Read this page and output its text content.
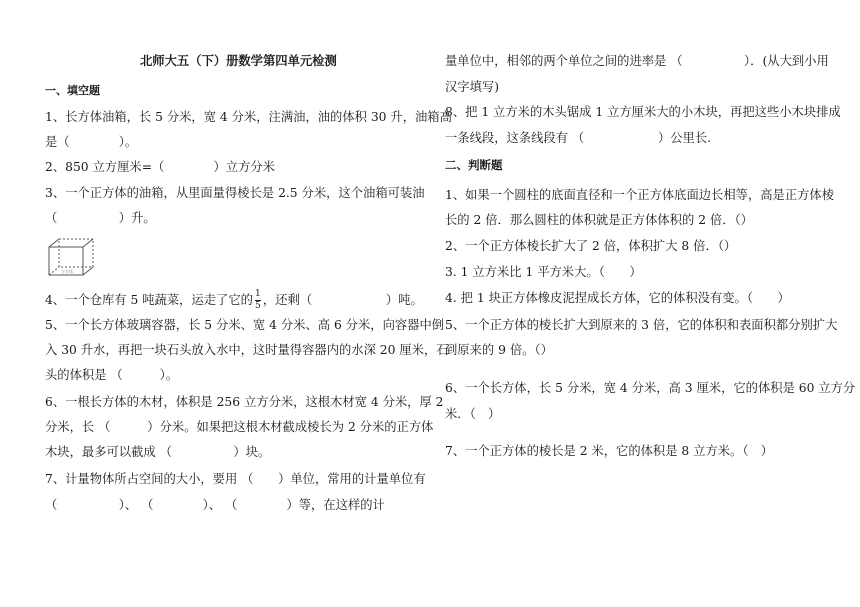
北师大五（下）册数学第四单元检测
一、填空题
1、长方体油箱，长 5 分米，宽 4 分米，注满油，油的体积 30 升，油箱高
是（　　　　）。
2、850 立方厘米=（　　　　）立方分米
3、一个正方体的油箱，从里面量得棱长是 2.5 分米，这个油箱可装油
（　　　　　）升。
立方体
4、一个仓库有 5 吨蔬菜，运走了它的 $\frac{1}{5}$ ，还剩（　　　　　　）吨。
5、一个长方体玻璃容器，长 5 分米、宽 4 分米、高 6 分米，向容器中倒
入 30 升水，再把一块石头放入水中，这时量得容器内的水深 20 厘米，石
头的体积是 （　　　）。
6、一根长方体的木材，体积是 256 立方分米，这根木材宽 4 分米，厚 2
分米，长 （　　　）分米。如果把这根木材截成棱长为 2 分米的正方体
木块，最多可以截成 （　　　　　）块。
7、计量物体所占空间的大小，要用 （　　）单位，常用的计量单位有
（　　　　　）、 （　　　　）、 （　　　　）等，在这样的计
量单位中，相邻的两个单位之间的进率是 （　　　　　）．(从大到小用
汉字填写)
8、把 1 立方米的木头锯成 1 立方厘米大的小木块，再把这些小木块排成
一条线段，这条线段有 （　　　　　　）公里长.
二、判断题
1、如果一个圆柱的底面直径和一个正方体底面边长相等，高是正方体棱
长的 2 倍．那么圆柱的体积就是正方体体积的 2 倍．（）
2、一个正方体棱长扩大了 2 倍，体积扩大 8 倍．（）
3. 1 立方米比 1 平方米大。（　　）
4. 把 1 块正方体橡皮泥捏成长方体，它的体积没有变。（　　）
5、一个正方体的棱长扩大到原来的 3 倍，它的体积和表面积都分别扩大
到原来的 9 倍。（）
6、一个长方体，长 5 分米，宽 4 分米，高 3 厘米，它的体积是 60 立方分
米．（　）
7、一个正方体的棱长是 2 米，它的体积是 8 立方米。（　）
